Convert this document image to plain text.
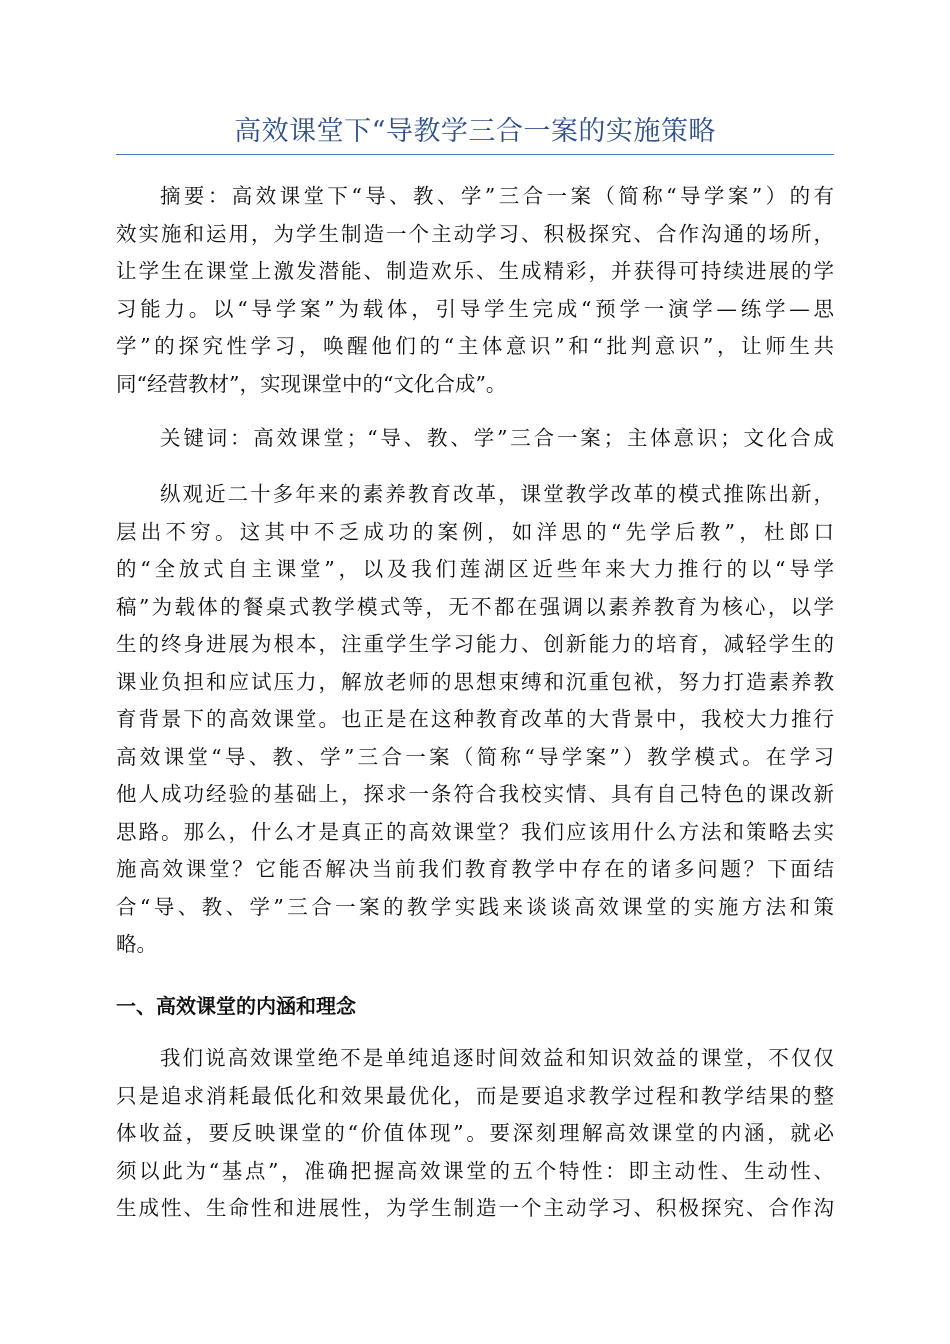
高效课堂下“导教学三合一案的实施策略
摘要：高效课堂下“导、教、学”三合一案（简称“导学案”）的有
效实施和运用，为学生制造一个主动学习、积极探究、合作沟通的场所，
让学生在课堂上激发潜能、制造欢乐、生成精彩，并获得可持续进展的学
习能力。以“导学案”为载体，引导学生完成“预学一演学—练学—思
学”的探究性学习，唤醒他们的“主体意识”和“批判意识”，让师生共
同“经营教材”，实现课堂中的“文化合成”。
关键词：高效课堂；“导、教、学”三合一案；主体意识；文化合成
纵观近二十多年来的素养教育改革，课堂教学改革的模式推陈出新，
层出不穷。这其中不乏成功的案例，如洋思的“先学后教”，杜郎口
的“全放式自主课堂”，以及我们莲湖区近些年来大力推行的以“导学
稿”为载体的餐桌式教学模式等，无不都在强调以素养教育为核心，以学
生的终身进展为根本，注重学生学习能力、创新能力的培育，减轻学生的
课业负担和应试压力，解放老师的思想束缚和沉重包袱，努力打造素养教
育背景下的高效课堂。也正是在这种教育改革的大背景中，我校大力推行
高效课堂“导、教、学”三合一案（简称“导学案”）教学模式。在学习
他人成功经验的基础上，探求一条符合我校实情、具有自己特色的课改新
思路。那么，什么才是真正的高效课堂？我们应该用什么方法和策略去实
施高效课堂？它能否解决当前我们教育教学中存在的诸多问题？下面结
合“导、教、学”三合一案的教学实践来谈谈高效课堂的实施方法和策
略。
一、高效课堂的内涵和理念
我们说高效课堂绝不是单纯追逐时间效益和知识效益的课堂，不仅仅
只是追求消耗最低化和效果最优化，而是要追求教学过程和教学结果的整
体收益，要反映课堂的“价值体现”。要深刻理解高效课堂的内涵，就必
须以此为“基点”，准确把握高效课堂的五个特性：即主动性、生动性、
生成性、生命性和进展性，为学生制造一个主动学习、积极探究、合作沟
